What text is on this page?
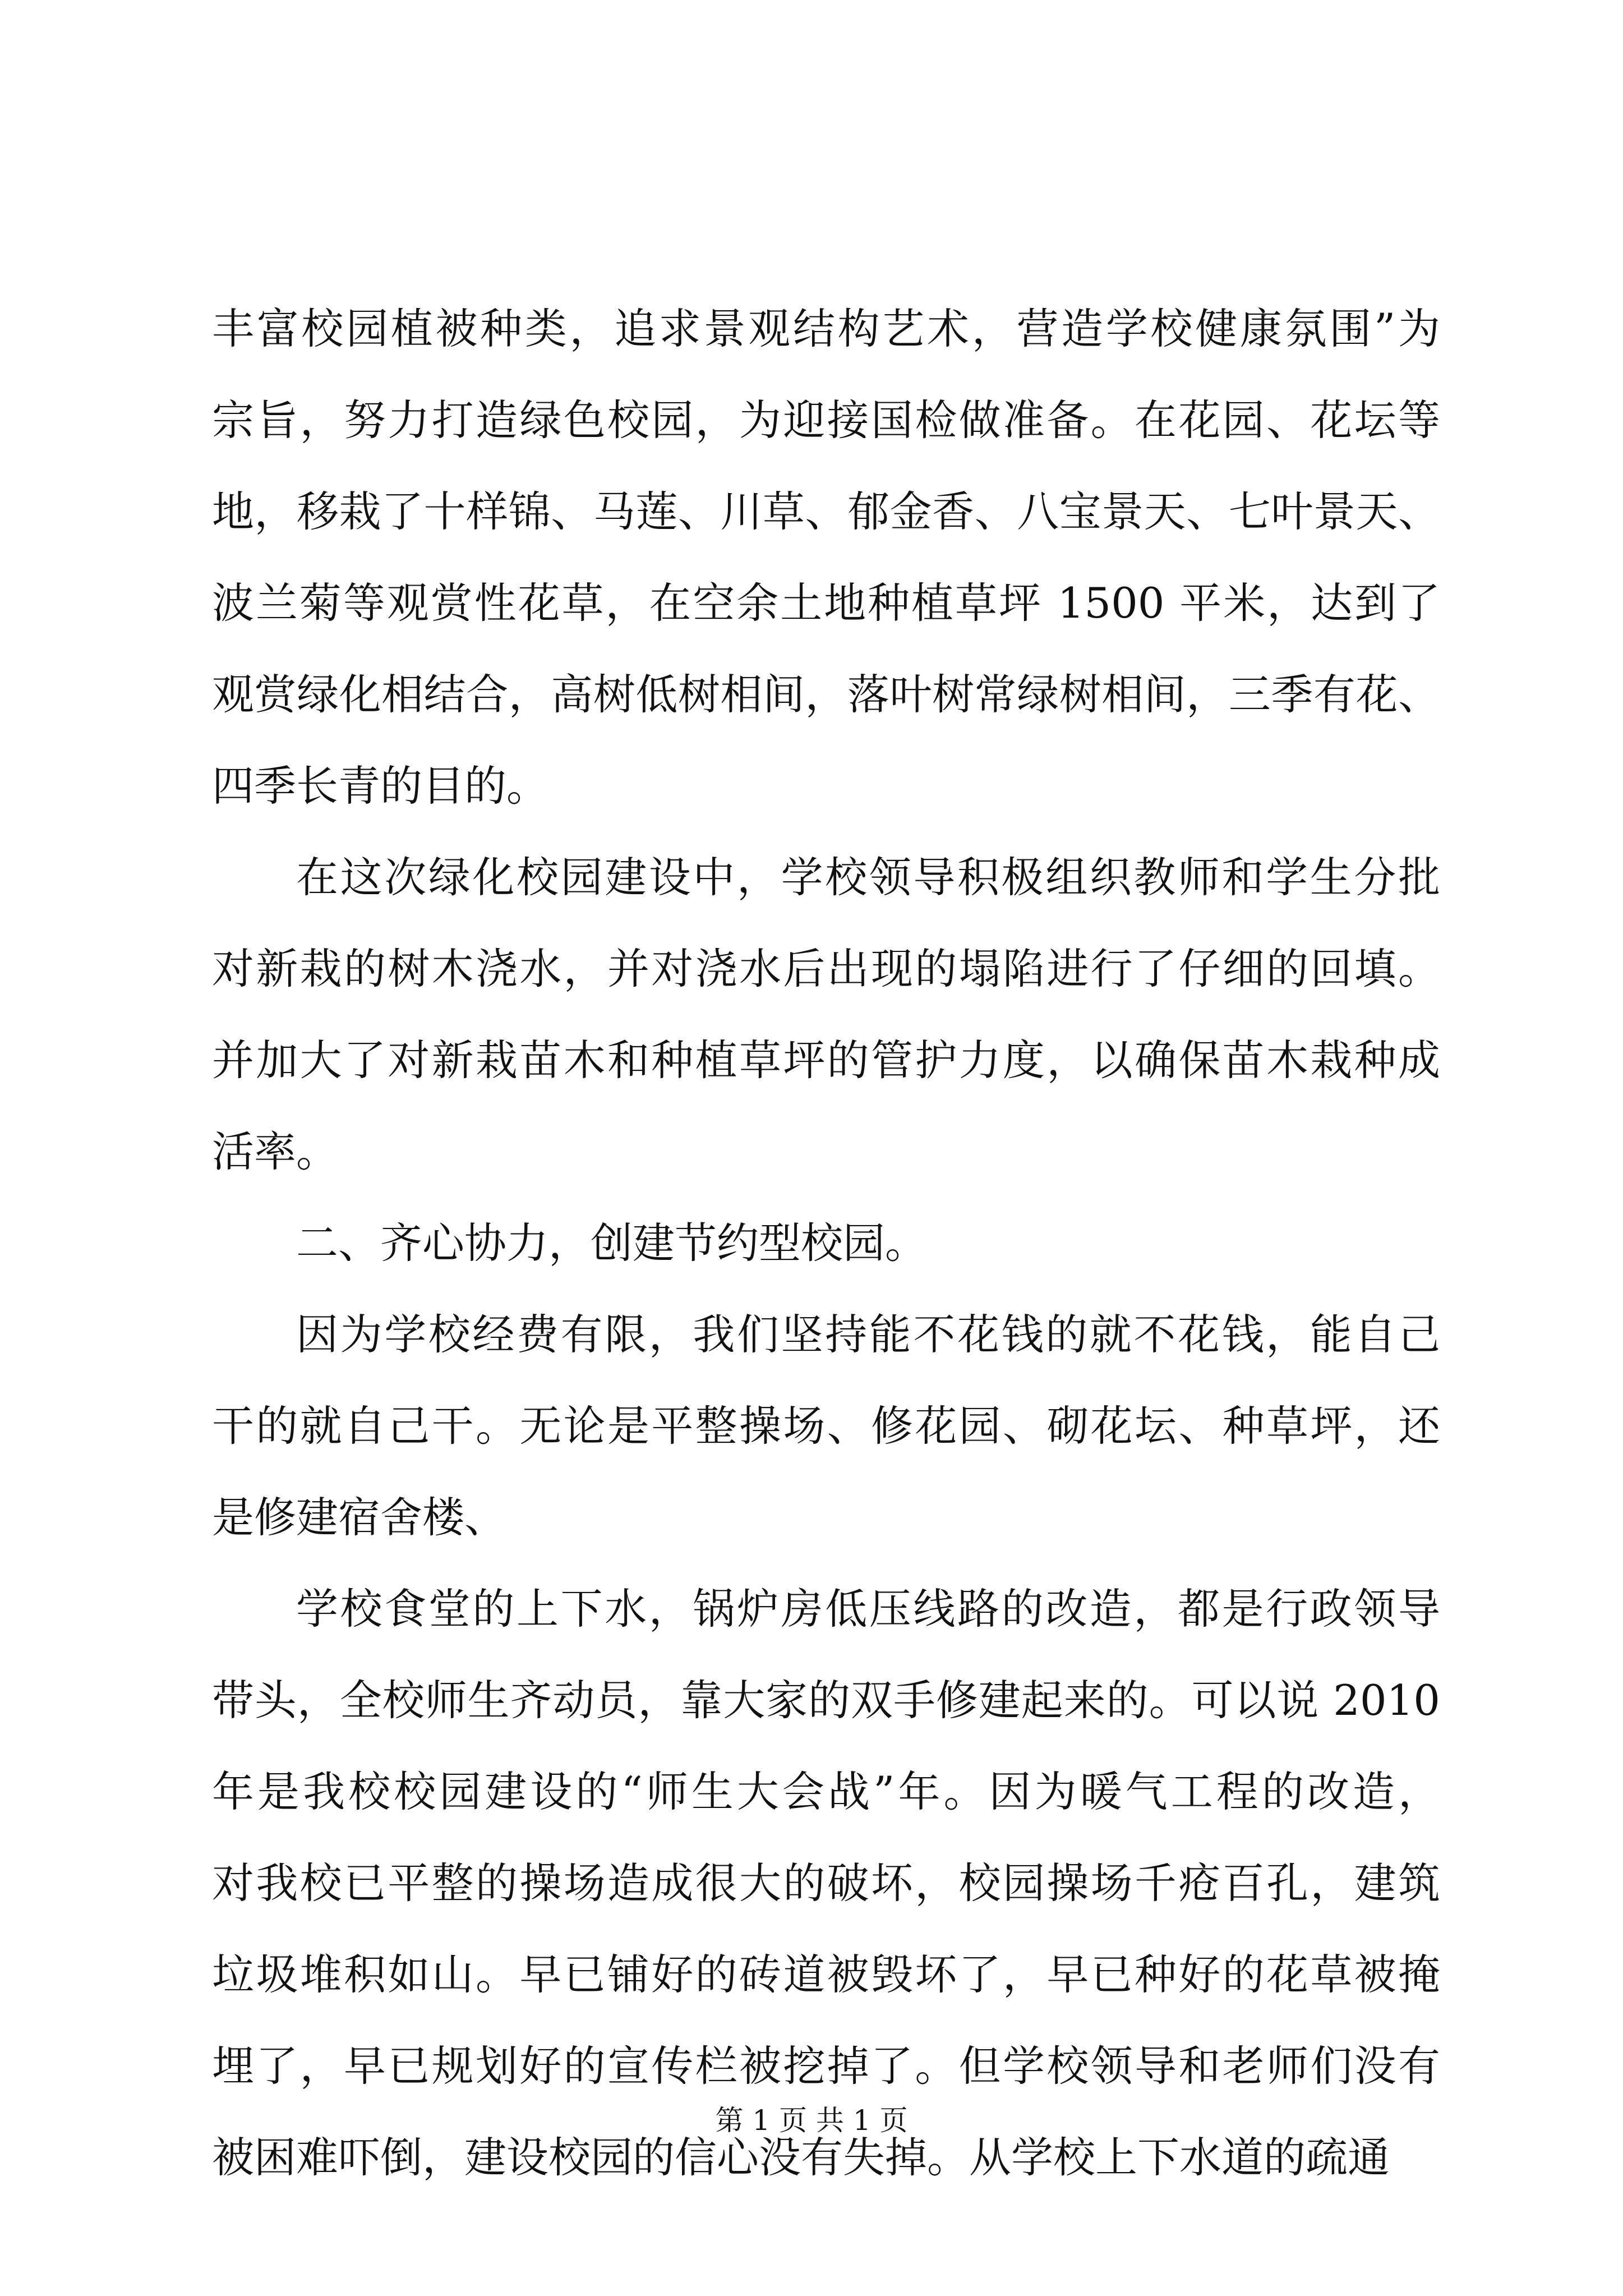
丰富校园植被种类，追求景观结构艺术，营造学校健康氛围”为
宗旨，努力打造绿色校园，为迎接国检做准备。在花园、花坛等
地，移栽了十样锦、马莲、川草、郁金香、八宝景天、七叶景天、
波兰菊等观赏性花草，在空余土地种植草坪 1500 平米，达到了
观赏绿化相结合，高树低树相间，落叶树常绿树相间，三季有花、
四季长青的目的。
在这次绿化校园建设中，学校领导积极组织教师和学生分批
对新栽的树木浇水，并对浇水后出现的塌陷进行了仔细的回填。
并加大了对新栽苗木和种植草坪的管护力度，以确保苗木栽种成
活率。
二、齐心协力，创建节约型校园。
因为学校经费有限，我们坚持能不花钱的就不花钱，能自己
干的就自己干。无论是平整操场、修花园、砌花坛、种草坪，还
是修建宿舍楼、
学校食堂的上下水，锅炉房低压线路的改造，都是行政领导
带头，全校师生齐动员，靠大家的双手修建起来的。可以说 2010
年是我校校园建设的“师生大会战”年。因为暖气工程的改造，
对我校已平整的操场造成很大的破坏，校园操场千疮百孔，建筑
垃圾堆积如山。早已铺好的砖道被毁坏了，早已种好的花草被掩
埋了，早已规划好的宣传栏被挖掉了。但学校领导和老师们没有
被困难吓倒，建设校园的信心没有失掉。从学校上下水道的疏通
第 1 页 共 1 页
